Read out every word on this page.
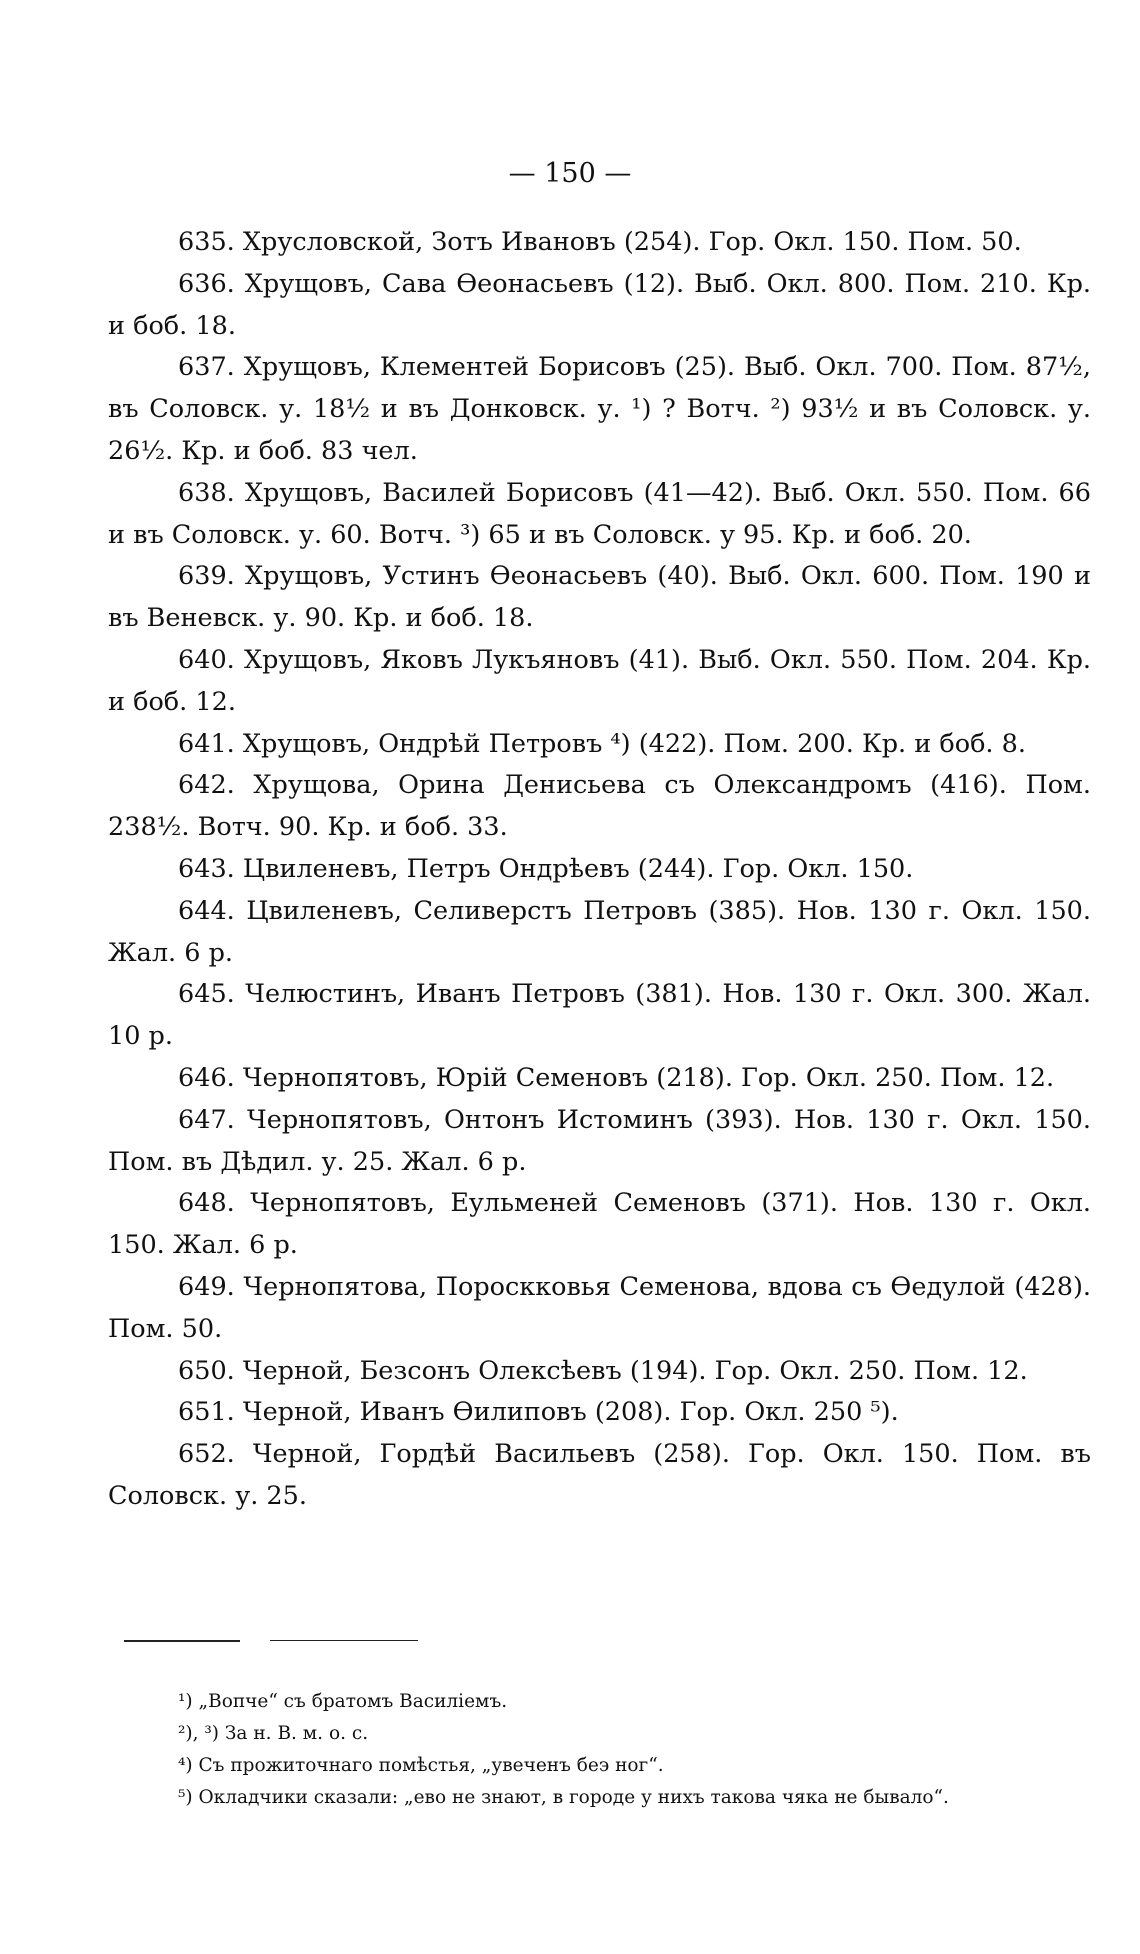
— 150 —

635. Хрусловской, Зотъ Ивановъ (254). Гор. Окл. 150. Пом. 50.

636. Хрущовъ, Сава Өеонасьевъ (12). Выб. Окл. 800. Пом. 210. Кр. и боб. 18.

637. Хрущовъ, Клементей Борисовъ (25). Выб. Окл. 700. Пом. 87½, въ Соловск. у. 18½ и въ Донковск. у. ¹) ? Вотч. ²) 93½ и въ Соловск. у. 26½. Кр. и боб. 83 чел.

638. Хрущовъ, Василей Борисовъ (41—42). Выб. Окл. 550. Пом. 66 и въ Соловск. у. 60. Вотч. ³) 65 и въ Соловск. у 95. Кр. и боб. 20.

639. Хрущовъ, Устинъ Өеонасьевъ (40). Выб. Окл. 600. Пом. 190 и въ Веневск. у. 90. Кр. и боб. 18.

640. Хрущовъ, Яковъ Лукъяновъ (41). Выб. Окл. 550. Пом. 204. Кр. и боб. 12.

641. Хрущовъ, Ондрѣй Петровъ ⁴) (422). Пом. 200. Кр. и боб. 8.

642. Хрущова, Орина Денисьева съ Олександромъ (416). Пом. 238½. Вотч. 90. Кр. и боб. 33.

643. Цвиленевъ, Петръ Ондрѣевъ (244). Гор. Окл. 150.

644. Цвиленевъ, Селиверстъ Петровъ (385). Нов. 130 г. Окл. 150. Жал. 6 р.

645. Челюстинъ, Иванъ Петровъ (381). Нов. 130 г. Окл. 300. Жал. 10 р.

646. Чернопятовъ, Юрій Семеновъ (218). Гор. Окл. 250. Пом. 12.

647. Чернопятовъ, Онтонъ Истоминъ (393). Нов. 130 г. Окл. 150. Пом. въ Дѣдил. у. 25. Жал. 6 р.

648. Чернопятовъ, Еульменей Семеновъ (371). Нов. 130 г. Окл. 150. Жал. 6 р.

649. Чернопятова, Пороскковья Семенова, вдова съ Өедулой (428). Пом. 50.

650. Черной, Безсонъ Олексѣевъ (194). Гор. Окл. 250. Пом. 12.

651. Черной, Иванъ Өилиповъ (208). Гор. Окл. 250 ⁵).

652. Черной, Гордѣй Васильевъ (258). Гор. Окл. 150. Пом. въ Соловск. у. 25.

¹) „Вопче“ съ братомъ Василіемъ.

²), ³) За н. В. м. о. с.

⁴) Съ прожиточнаго помѣстья, „увеченъ беэ ног“.

⁵) Окладчики сказали: „ево не знают, в городе у нихъ такова чяка не бывало“.
